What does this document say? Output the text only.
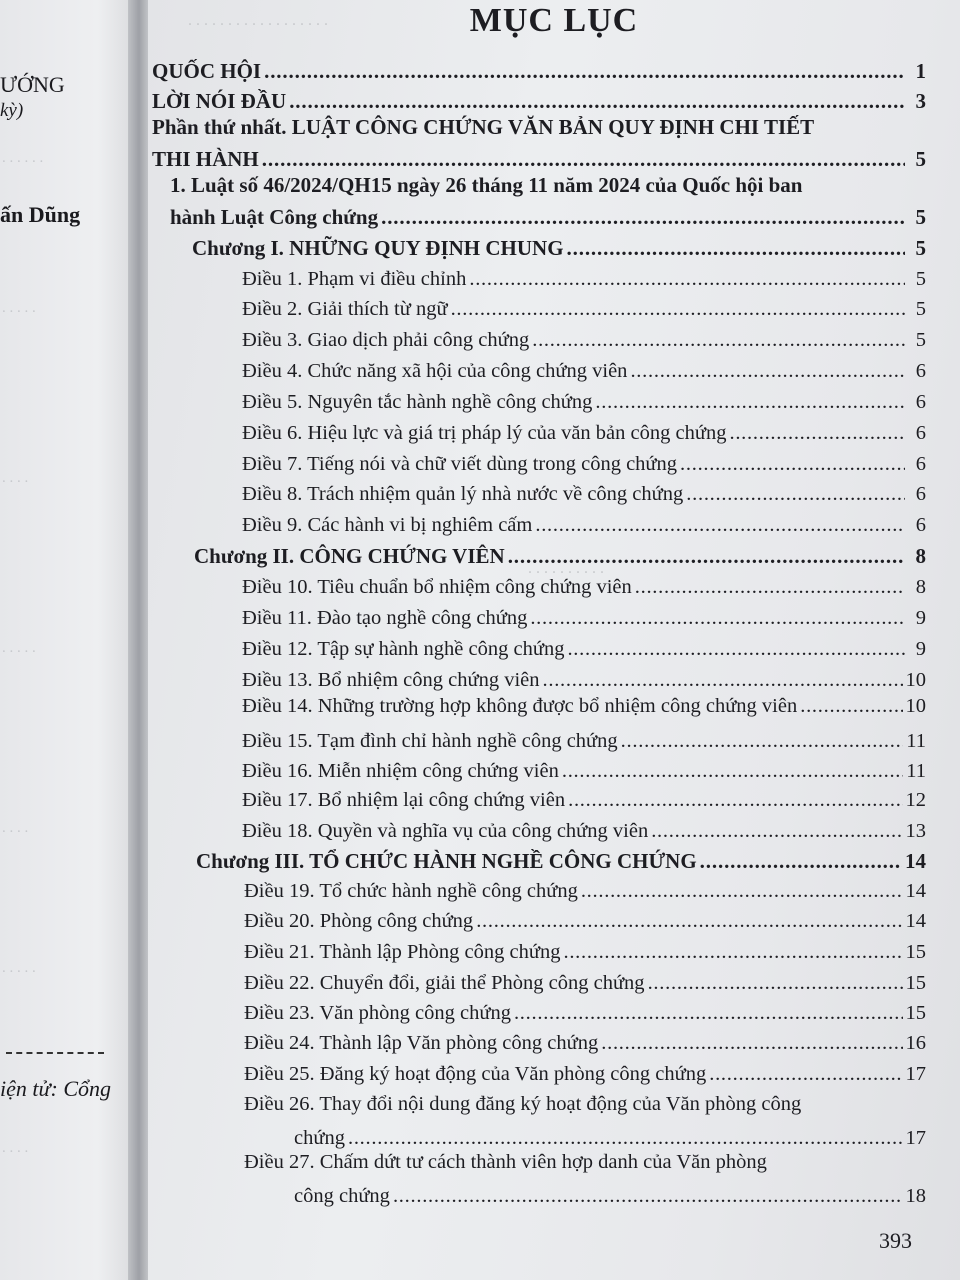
. . . . . .
. . . . .
. . . .
. . . . .
. . . .
. . . . .
. . . .
ƯỚNG
kỳ)
ấn Dũng
iện tử: Cổng
. . . . . . . . . . . . . . . . . .
. . . . . . . . . .
MỤC LỤC
QUỐC HỘI . . .	1
LỜI NÓI ĐẦU . . .	3
Phần thứ nhất. LUẬT CÔNG CHỨNG VĂN BẢN QUY ĐỊNH CHI TIẾT
THI HÀNH . . .	5
1. Luật số 46/2024/QH15 ngày 26 tháng 11 năm 2024 của Quốc hội ban
hành Luật Công chứng . . .	5
Chương I. NHỮNG QUY ĐỊNH CHUNG . . .	5
Điều 1. Phạm vi điều chỉnh . . .	5
Điều 2. Giải thích từ ngữ . . .	5
Điều 3. Giao dịch phải công chứng . . .	5
Điều 4. Chức năng xã hội của công chứng viên . . .	6
Điều 5. Nguyên tắc hành nghề công chứng . . .	6
Điều 6. Hiệu lực và giá trị pháp lý của văn bản công chứng . . .	6
Điều 7. Tiếng nói và chữ viết dùng trong công chứng . . .	6
Điều 8. Trách nhiệm quản lý nhà nước về công chứng . . .	6
Điều 9. Các hành vi bị nghiêm cấm . . .	6
Chương II. CÔNG CHỨNG VIÊN . . .	8
Điều 10. Tiêu chuẩn bổ nhiệm công chứng viên . . .	8
Điều 11. Đào tạo nghề công chứng . . .	9
Điều 12. Tập sự hành nghề công chứng . . .	9
Điều 13. Bổ nhiệm công chứng viên . . .	10
Điều 14. Những trường hợp không được bổ nhiệm công chứng viên . . .	10
Điều 15. Tạm đình chỉ hành nghề công chứng . . .	11
Điều 16. Miễn nhiệm công chứng viên . . .	11
Điều 17. Bổ nhiệm lại công chứng viên . . .	12
Điều 18. Quyền và nghĩa vụ của công chứng viên . . .	13
Chương III. TỔ CHỨC HÀNH NGHỀ CÔNG CHỨNG . . .	14
Điều 19. Tổ chức hành nghề công chứng . . .	14
Điều 20. Phòng công chứng . . .	14
Điều 21. Thành lập Phòng công chứng . . .	15
Điều 22. Chuyển đổi, giải thể Phòng công chứng . . .	15
Điều 23. Văn phòng công chứng . . .	15
Điều 24. Thành lập Văn phòng công chứng . . .	16
Điều 25. Đăng ký hoạt động của Văn phòng công chứng . . .	17
Điều 26. Thay đổi nội dung đăng ký hoạt động của Văn phòng công
chứng . . .	17
Điều 27. Chấm dứt tư cách thành viên hợp danh của Văn phòng
công chứng . . .	18
393
